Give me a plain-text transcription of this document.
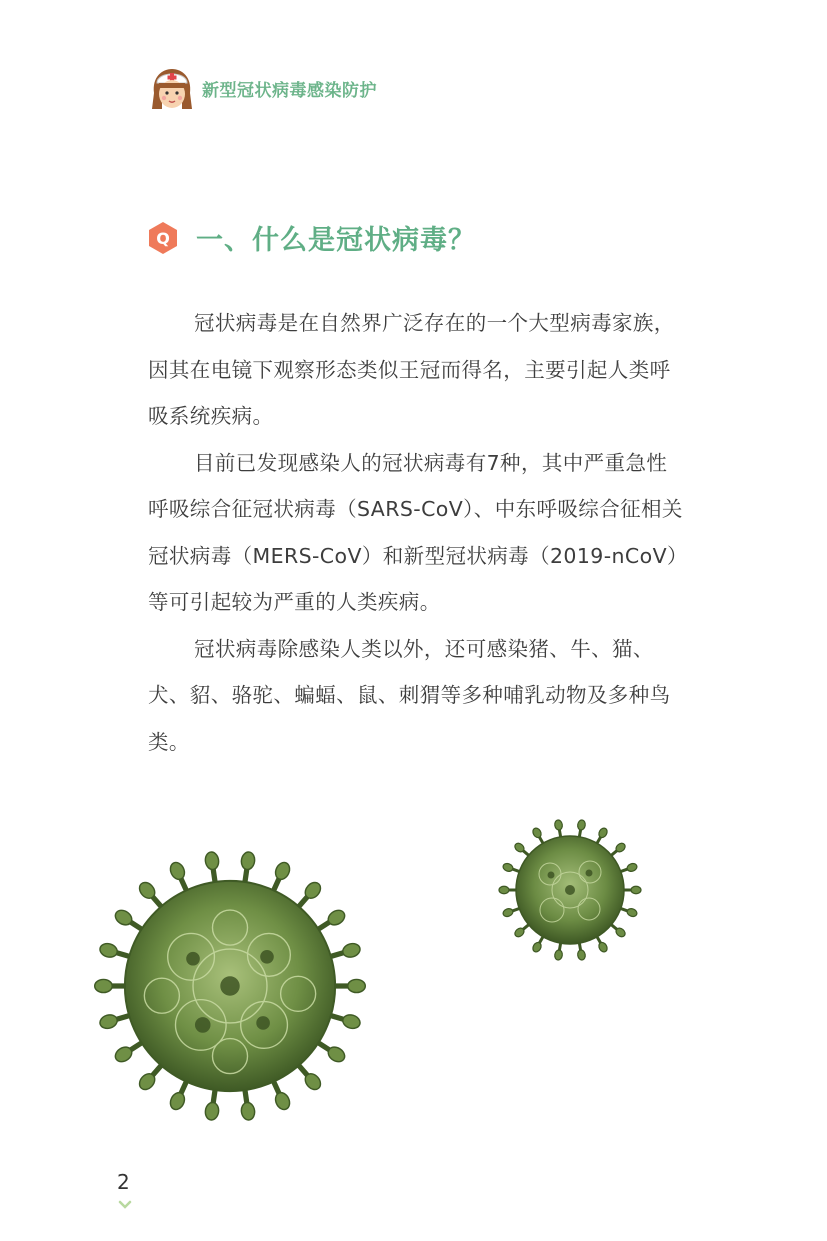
新型冠状病毒感染防护
Q 一、什么是冠状病毒？

冠状病毒是在自然界广泛存在的一个大型病毒家族，因其在电镜下观察形态类似王冠而得名，主要引起人类呼吸系统疾病。

目前已发现感染人的冠状病毒有7种，其中严重急性呼吸综合征冠状病毒（SARS-CoV）、中东呼吸综合征相关冠状病毒（MERS-CoV）和新型冠状病毒（2019-nCoV）等可引起较为严重的人类疾病。

冠状病毒除感染人类以外，还可感染猪、牛、猫、犬、貂、骆驼、蝙蝠、鼠、刺猬等多种哺乳动物及多种鸟类。

2
